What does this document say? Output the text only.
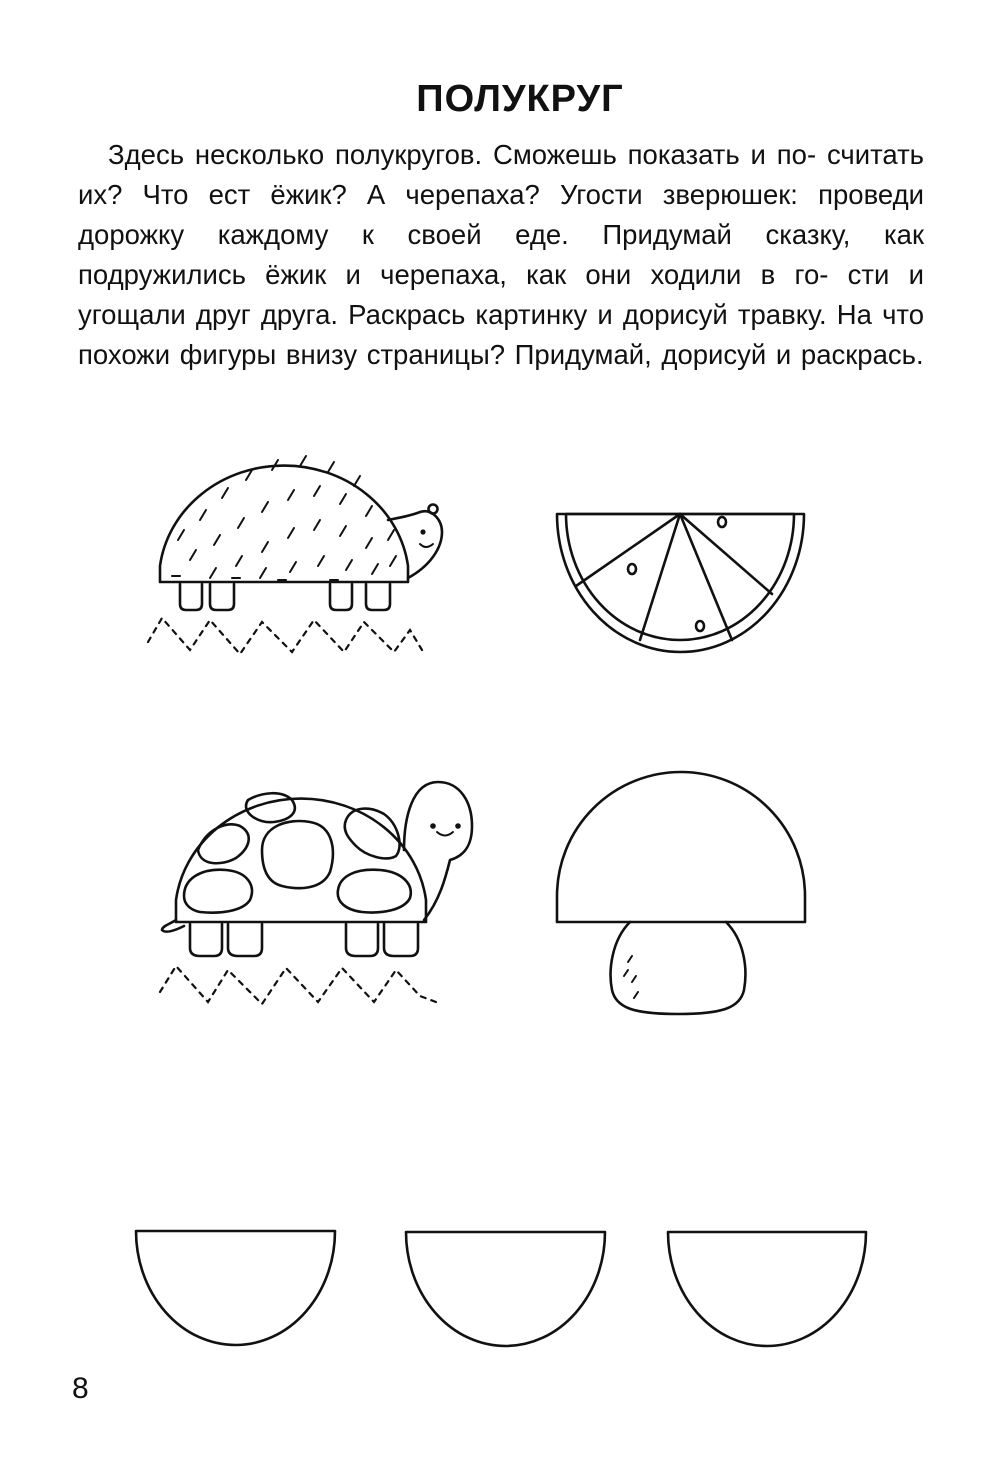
ПОЛУКРУГ

Здесь несколько полукругов. Сможешь показать и по- считать их? Что ест ёжик? А черепаха? Угости зверюшек: проведи дорожку каждому к своей еде. Придумай сказку, как подружились ёжик и черепаха, как они ходили в го- сти и угощали друг друга. Раскрась картинку и дорисуй травку. На что похожи фигуры внизу страницы? Придумай, дорисуй и раскрась.

8
